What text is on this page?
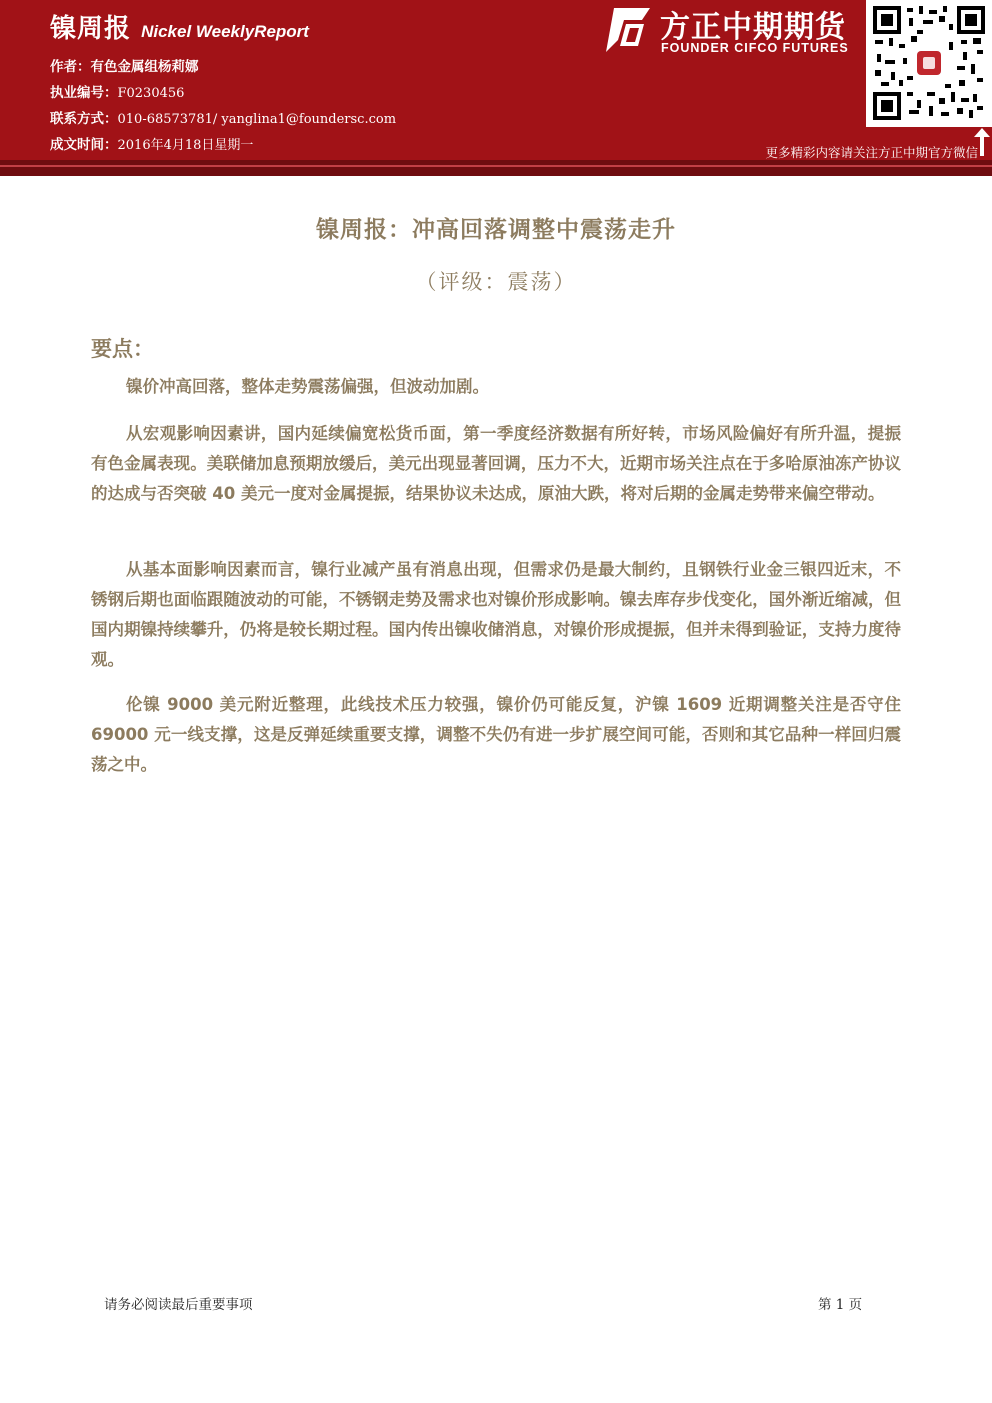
镍周报 Nickel WeeklyReport
作者：有色金属组杨莉娜
执业编号：F0230456
联系方式：010-68573781/ yanglina1@foundersc.com
成文时间：2016年4月18日星期一
方正中期期货
FOUNDER CIFCO FUTURES
更多精彩内容请关注方正中期官方微信
镍周报：冲高回落调整中震荡走升
（评级：震荡）
要点：

镍价冲高回落，整体走势震荡偏强，但波动加剧。

从宏观影响因素讲，国内延续偏宽松货币面，第一季度经济数据有所好转，市场风险偏好有所升温，提振有色金属表现。美联储加息预期放缓后，美元出现显著回调，压力不大，近期市场关注点在于多哈原油冻产协议的达成与否突破 40 美元一度对金属提振，结果协议未达成，原油大跌，将对后期的金属走势带来偏空带动。

从基本面影响因素而言，镍行业减产虽有消息出现，但需求仍是最大制约，且钢铁行业金三银四近末，不锈钢后期也面临跟随波动的可能，不锈钢走势及需求也对镍价形成影响。镍去库存步伐变化，国外渐近缩减，但国内期镍持续攀升，仍将是较长期过程。国内传出镍收储消息，对镍价形成提振，但并未得到验证，支持力度待观。

伦镍 9000 美元附近整理，此线技术压力较强，镍价仍可能反复，沪镍 1609 近期调整关注是否守住 69000 元一线支撑，这是反弹延续重要支撑，调整不失仍有进一步扩展空间可能，否则和其它品种一样回归震荡之中。

请务必阅读最后重要事项	第 1 页
